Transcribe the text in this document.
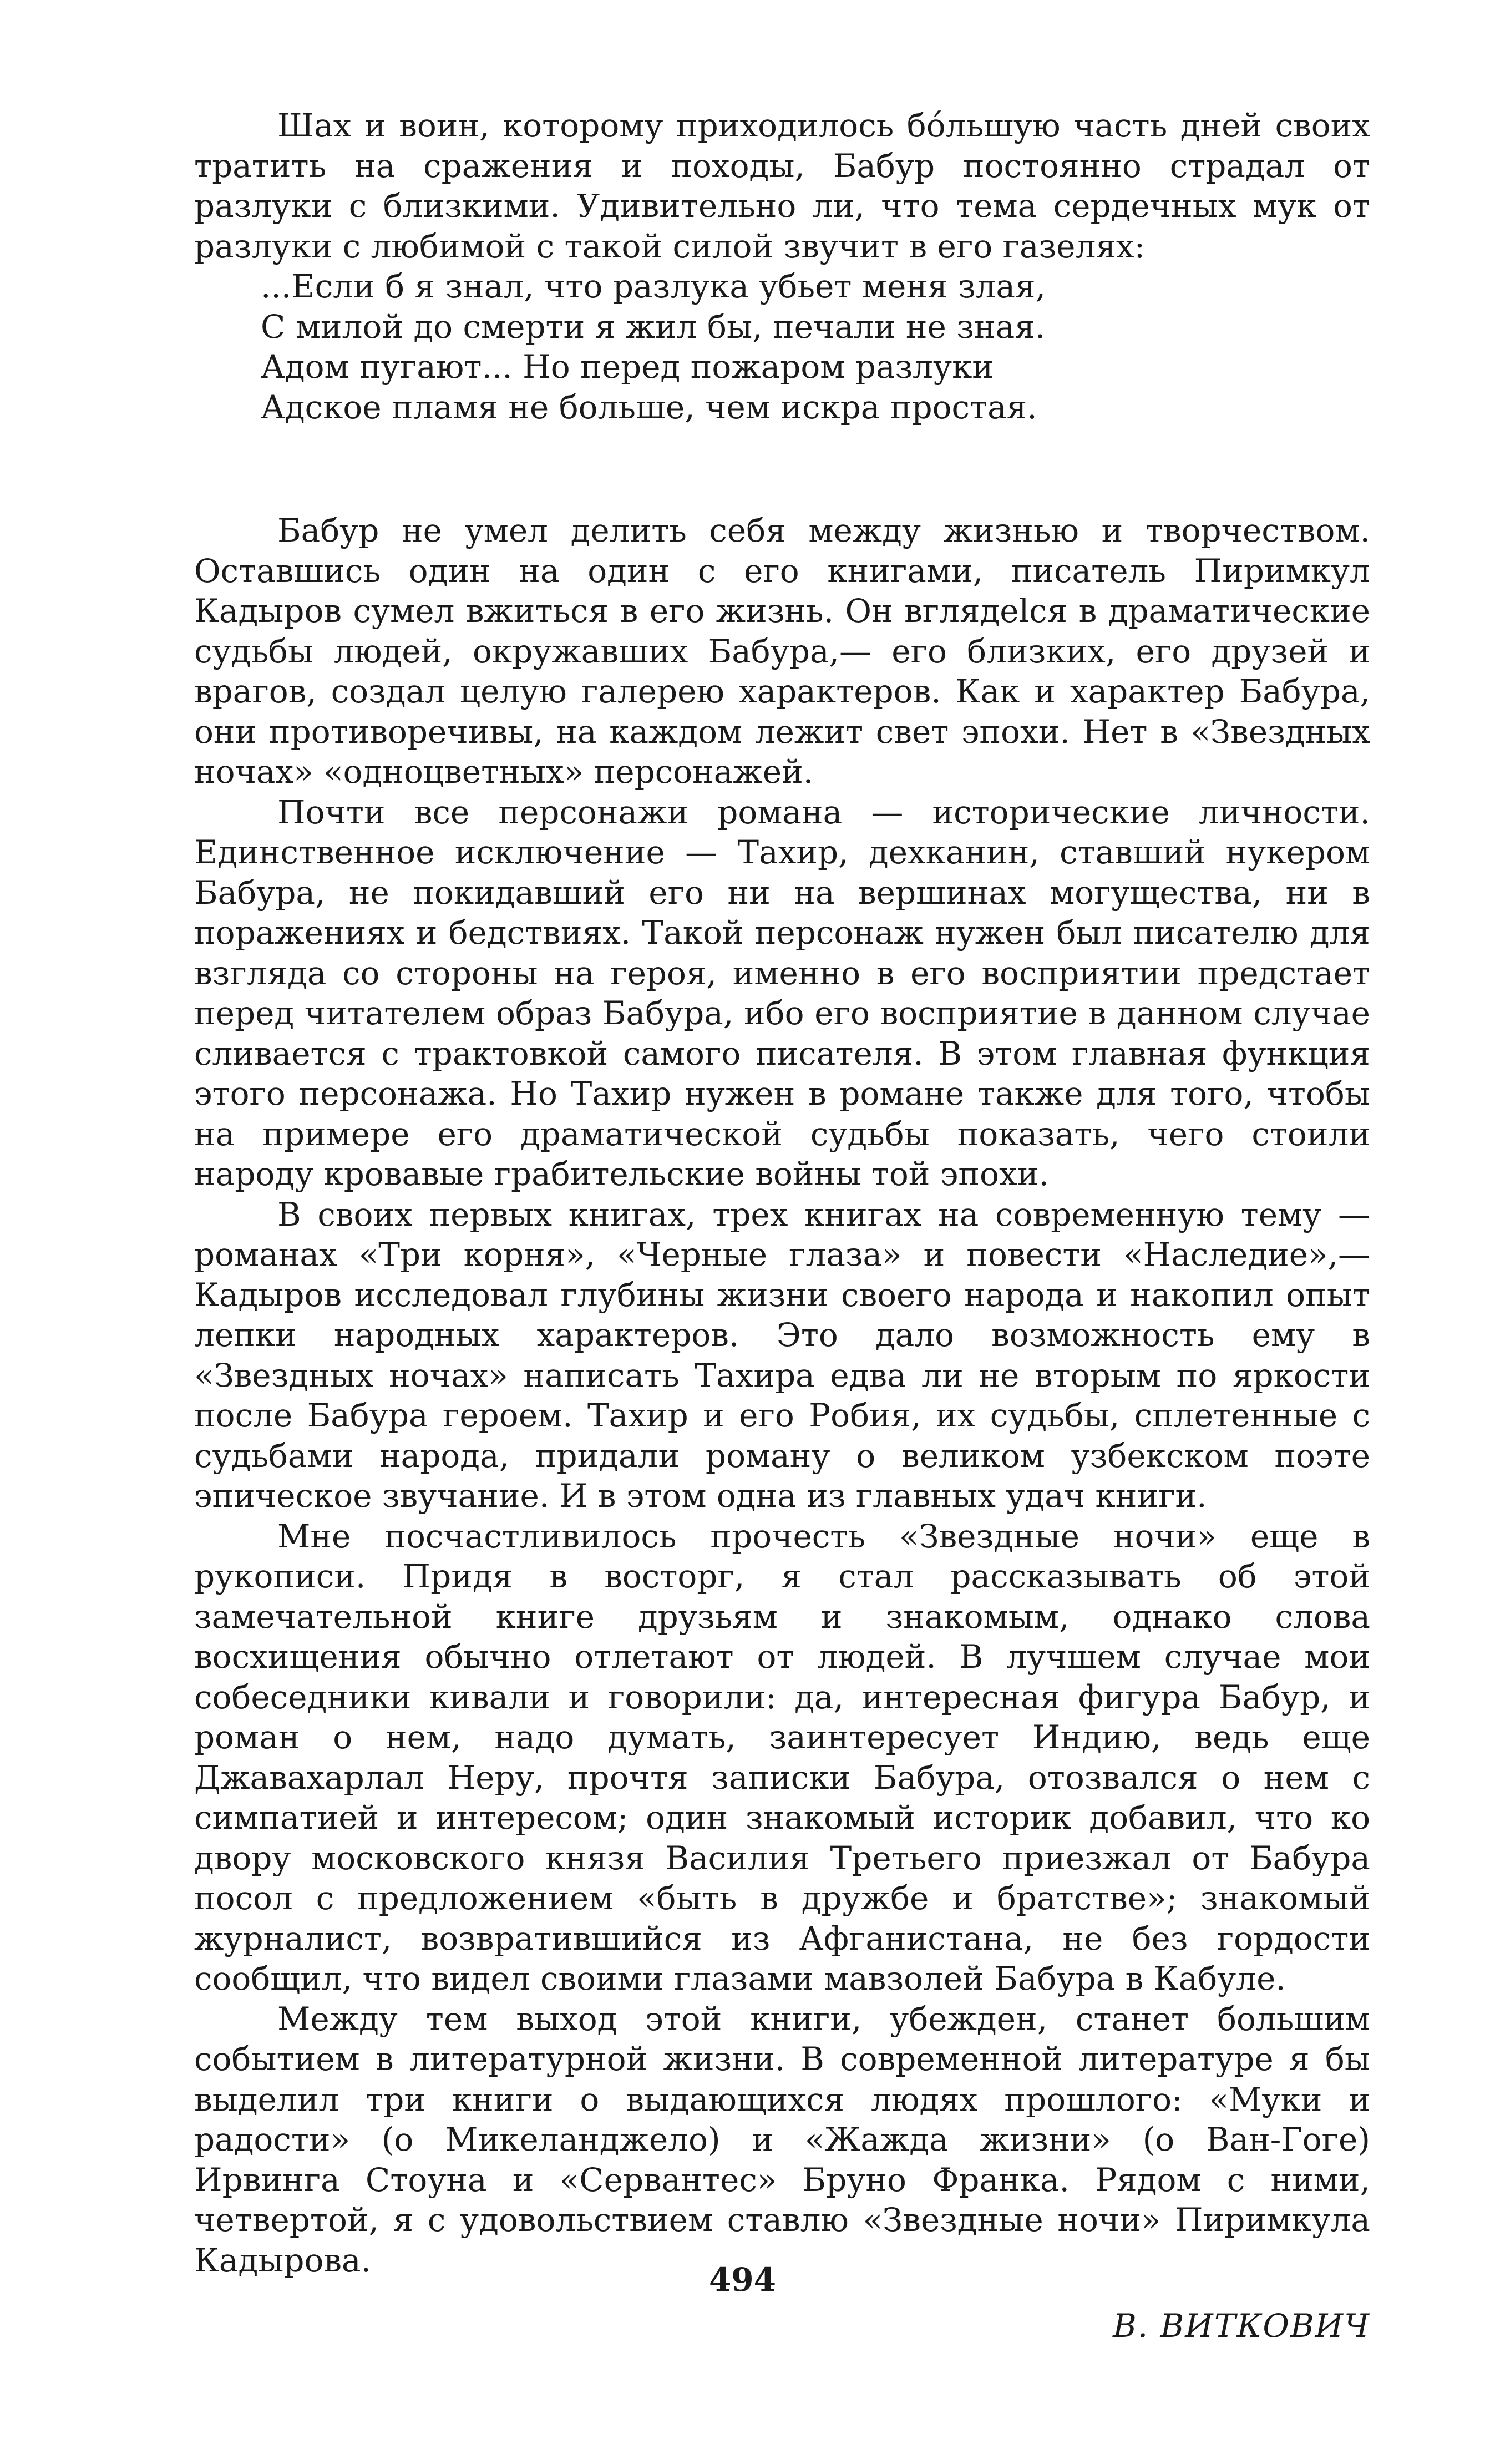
Шах и воин, которому приходилось бо́льшую часть дней своих тратить на сражения и походы, Бабур постоянно страдал от разлуки с близкими. Удивительно ли, что тема сердечных мук от разлуки с любимой с такой силой звучит в его газелях:

...Если б я знал, что разлука убьет меня злая,
С милой до смерти я жил бы, печали не зная.
Адом пугают... Но перед пожаром разлуки
Адское пламя не больше, чем искра простая.

Бабур не умел делить себя между жизнью и творчеством. Оставшись один на один с его книгами, писатель Пиримкул Кадыров сумел вжиться в его жизнь. Он вглядelся в драматические судьбы людей, окружавших Бабура,— его близких, его друзей и врагов, создал целую галерею характеров. Как и характер Бабура, они противоречивы, на каждом лежит свет эпохи. Нет в «Звездных ночах» «одноцветных» персонажей.

Почти все персонажи романа — исторические личности. Единственное исключение — Тахир, дехканин, ставший нукером Бабура, не покидавший его ни на вершинах могущества, ни в поражениях и бедствиях. Такой персонаж нужен был писателю для взгляда со стороны на героя, именно в его восприятии предстает перед читателем образ Бабура, ибо его восприятие в данном случае сливается с трактовкой самого писателя. В этом главная функция этого персонажа. Но Тахир нужен в романе также для того, чтобы на примере его драматической судьбы показать, чего стоили народу кровавые грабительские войны той эпохи.

В своих первых книгах, трех книгах на современную тему — романах «Три корня», «Черные глаза» и повести «Наследие»,— Кадыров исследовал глубины жизни своего народа и накопил опыт лепки народных характеров. Это дало возможность ему в «Звездных ночах» написать Тахира едва ли не вторым по яркости после Бабура героем. Тахир и его Робия, их судьбы, сплетенные с судьбами народа, придали роману о великом узбекском поэте эпическое звучание. И в этом одна из главных удач книги.

Мне посчастливилось прочесть «Звездные ночи» еще в рукописи. Придя в восторг, я стал рассказывать об этой замечательной книге друзьям и знакомым, однако слова восхищения обычно отлетают от людей. В лучшем случае мои собеседники кивали и говорили: да, интересная фигура Бабур, и роман о нем, надо думать, заинтересует Индию, ведь еще Джавахарлал Неру, прочтя записки Бабура, отозвался о нем с симпатией и интересом; один знакомый историк добавил, что ко двору московского князя Василия Третьего приезжал от Бабура посол с предложением «быть в дружбе и братстве»; знакомый журналист, возвратившийся из Афганистана, не без гордости сообщил, что видел своими глазами мавзолей Бабура в Кабуле.

Между тем выход этой книги, убежден, станет большим событием в литературной жизни. В современной литературе я бы выделил три книги о выдающихся людях прошлого: «Муки и радости» (о Микеланджело) и «Жажда жизни» (о Ван-Гоге) Ирвинга Стоуна и «Сервантес» Бруно Франка. Рядом с ними, четвертой, я с удовольствием ставлю «Звездные ночи» Пиримкула Кадырова.

В. ВИТКОВИЧ
494
